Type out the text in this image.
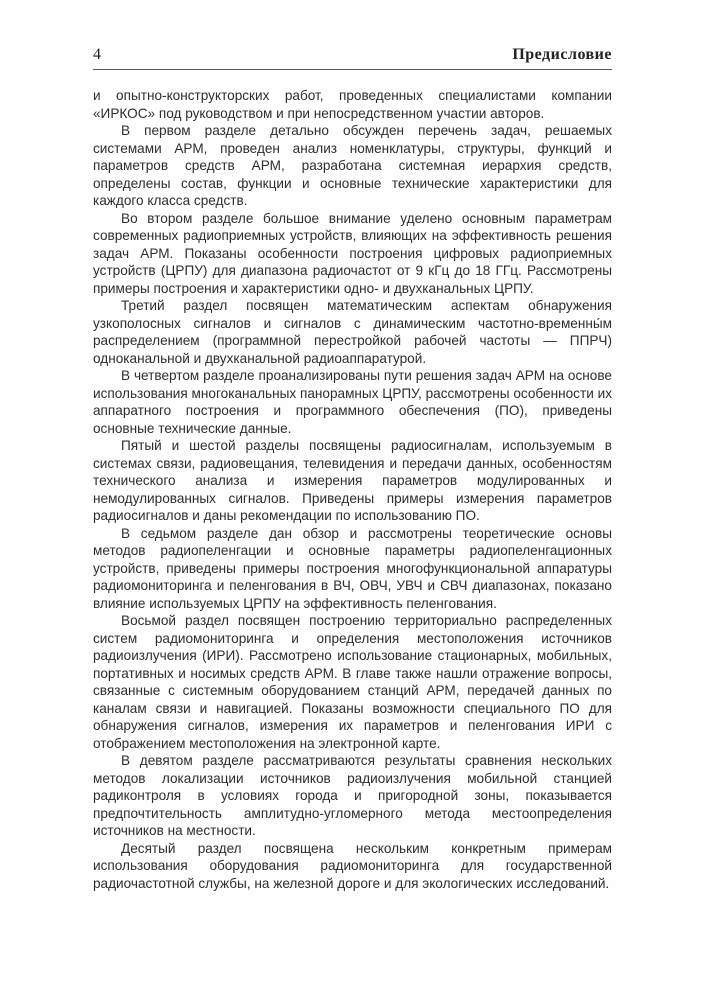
4	Предисловие

и опытно-конструкторских работ, проведенных специалистами компании «ИРКОС» под руководством и при непосредственном участии авторов.

В первом разделе детально обсужден перечень задач, решаемых системами АРМ, проведен анализ номенклатуры, структуры, функций и параметров средств АРМ, разработана системная иерархия средств, определены состав, функции и основные технические характеристики для каждого класса средств.

Во втором разделе большое внимание уделено основным параметрам современных радиоприемных устройств, влияющих на эффективность решения задач АРМ. Показаны особенности построения цифровых радиоприемных устройств (ЦРПУ) для диапазона радиочастот от 9 кГц до 18 ГГц. Рассмотрены примеры построения и характеристики одно- и двухканальных ЦРПУ.

Третий раздел посвящен математическим аспектам обнаружения узкополосных сигналов и сигналов с динамическим частотно-временны́м распределением (программной перестройкой рабочей частоты — ППРЧ) одноканальной и двухканальной радиоаппаратурой.

В четвертом разделе проанализированы пути решения задач АРМ на основе использования многоканальных панорамных ЦРПУ, рассмотрены особенности их аппаратного построения и программного обеспечения (ПО), приведены основные технические данные.

Пятый и шестой разделы посвящены радиосигналам, используемым в системах связи, радиовещания, телевидения и передачи данных, особенностям технического анализа и измерения параметров модулированных и немодулированных сигналов. Приведены примеры измерения параметров радиосигналов и даны рекомендации по использованию ПО.

В седьмом разделе дан обзор и рассмотрены теоретические основы методов радиопеленгации и основные параметры радиопеленгационных устройств, приведены примеры построения многофункциональной аппаратуры радиомониторинга и пеленгования в ВЧ, ОВЧ, УВЧ и СВЧ диапазонах, показано влияние используемых ЦРПУ на эффективность пеленгования.

Восьмой раздел посвящен построению территориально распределенных систем радиомониторинга и определения местоположения источников радиоизлучения (ИРИ). Рассмотрено использование стационарных, мобильных, портативных и носимых средств АРМ. В главе также нашли отражение вопросы, связанные с системным оборудованием станций АРМ, передачей данных по каналам связи и навигацией. Показаны возможности специального ПО для обнаружения сигналов, измерения их параметров и пеленгования ИРИ с отображением местоположения на электронной карте.

В девятом разделе рассматриваются результаты сравнения нескольких методов локализации источников радиоизлучения мобильной станцией радиконтроля в условиях города и пригородной зоны, показывается предпочтительность амплитудно-угломерного метода местоопределения источников на местности.

Десятый раздел посвящена нескольким конкретным примерам использования оборудования радиомониторинга для государственной радиочастотной службы, на железной дороге и для экологических исследований.
